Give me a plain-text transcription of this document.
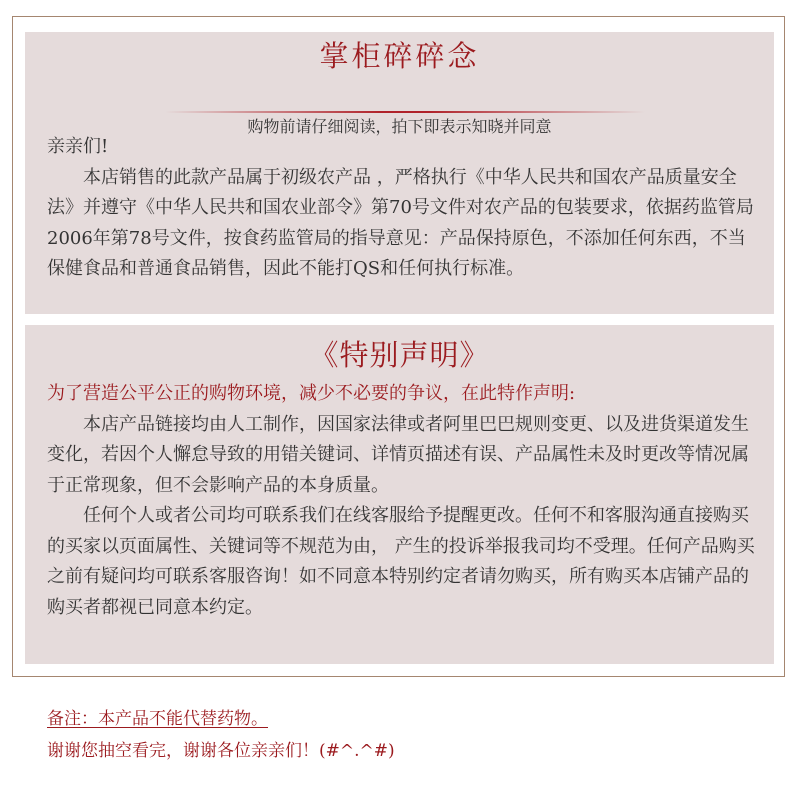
掌柜碎碎念
购物前请仔细阅读，拍下即表示知晓并同意

亲亲们!

本店销售的此款产品属于初级农产品 ，严格执行《中华人民共和国农产品质量安全法》并遵守《中华人民共和国农业部令》第70号文件对农产品的包装要求，依据药监管局2006年第78号文件，按食药监管局的指导意见：产品保持原色，不添加任何东西，不当保健食品和普通食品销售，因此不能打QS和任何执行标准。

《特别声明》

为了营造公平公正的购物环境，减少不必要的争议，在此特作声明:

本店产品链接均由人工制作，因国家法律或者阿里巴巴规则变更、以及进货渠道发生变化，若因个人懈怠导致的用错关键词、详情页描述有误、产品属性未及时更改等情况属于正常现象，但不会影响产品的本身质量。

任何个人或者公司均可联系我们在线客服给予提醒更改。任何不和客服沟通直接购买的买家以页面属性、关键词等不规范为由， 产生的投诉举报我司均不受理。任何产品购买之前有疑问均可联系客服咨询！如不同意本特别约定者请勿购买，所有购买本店铺产品的购买者都视已同意本约定。

备注：本产品不能代替药物。
谢谢您抽空看完，谢谢各位亲亲们！(#^.^#)
